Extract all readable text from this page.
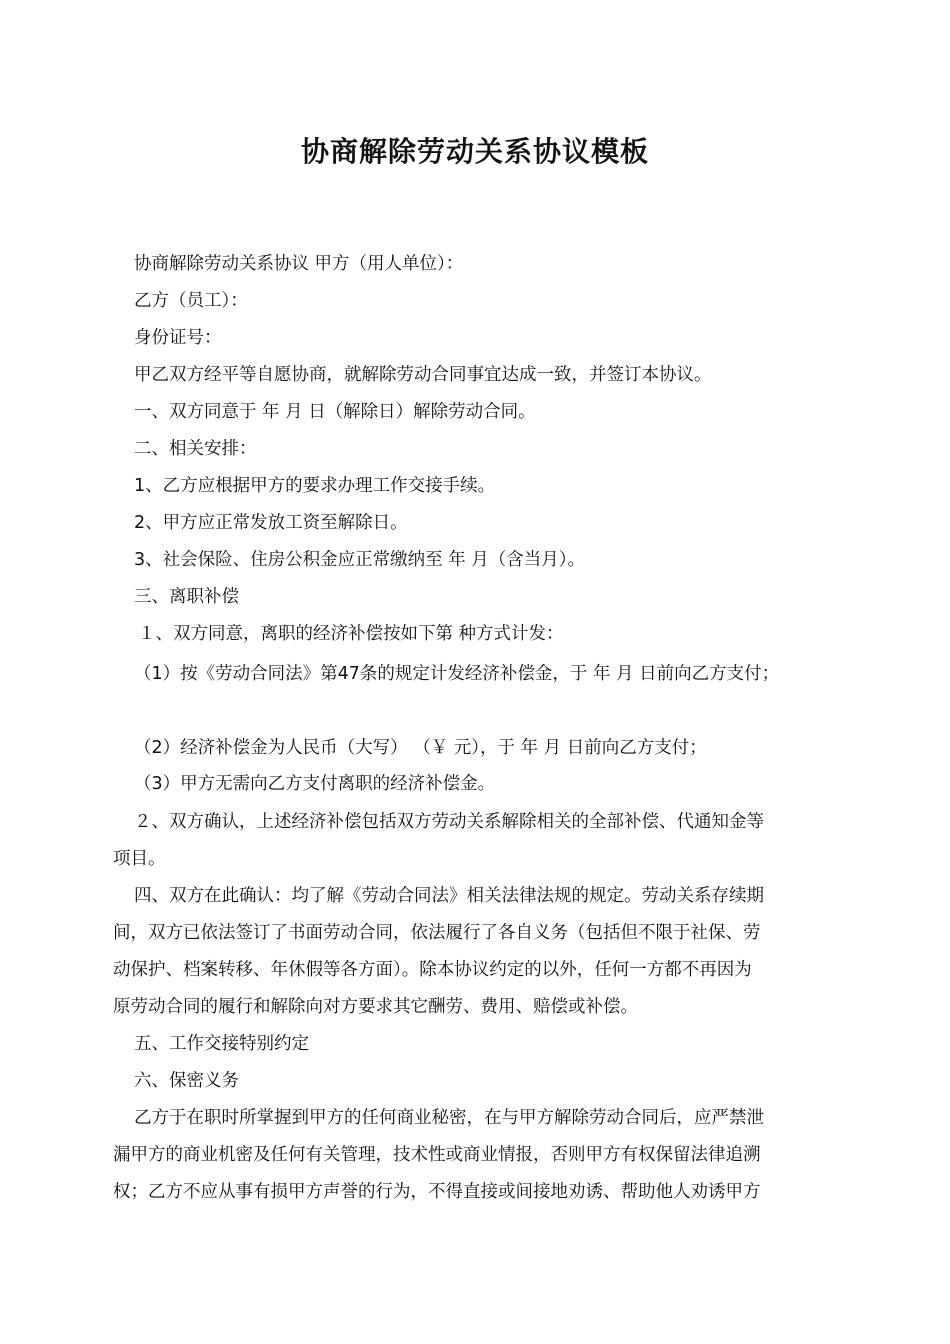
协商解除劳动关系协议模板
协商解除劳动关系协议 甲方（用人单位）：
乙方（员工）：
身份证号：
甲乙双方经平等自愿协商，就解除劳动合同事宜达成一致，并签订本协议。
一、双方同意于 年 月 日（解除日）解除劳动合同。
二、相关安排：
1、乙方应根据甲方的要求办理工作交接手续。
2、甲方应正常发放工资至解除日。
3、社会保险、住房公积金应正常缴纳至 年 月（含当月）。
三、离职补偿
１、双方同意，离职的经济补偿按如下第 种方式计发：
（1）按《劳动合同法》第47条的规定计发经济补偿金，于 年 月 日前向乙方支付；
（2）经济补偿金为人民币（大写） （￥ 元），于 年 月 日前向乙方支付；
（3）甲方无需向乙方支付离职的经济补偿金。
２、双方确认，上述经济补偿包括双方劳动关系解除相关的全部补偿、代通知金等
项目。
四、双方在此确认：均了解《劳动合同法》相关法律法规的规定。劳动关系存续期
间，双方已依法签订了书面劳动合同，依法履行了各自义务（包括但不限于社保、劳
动保护、档案转移、年休假等各方面）。除本协议约定的以外，任何一方都不再因为
原劳动合同的履行和解除向对方要求其它酬劳、费用、赔偿或补偿。
五、工作交接特别约定
六、保密义务
乙方于在职时所掌握到甲方的任何商业秘密，在与甲方解除劳动合同后，应严禁泄
漏甲方的商业机密及任何有关管理，技术性或商业情报，否则甲方有权保留法律追溯
权；乙方不应从事有损甲方声誉的行为，不得直接或间接地劝诱、帮助他人劝诱甲方
